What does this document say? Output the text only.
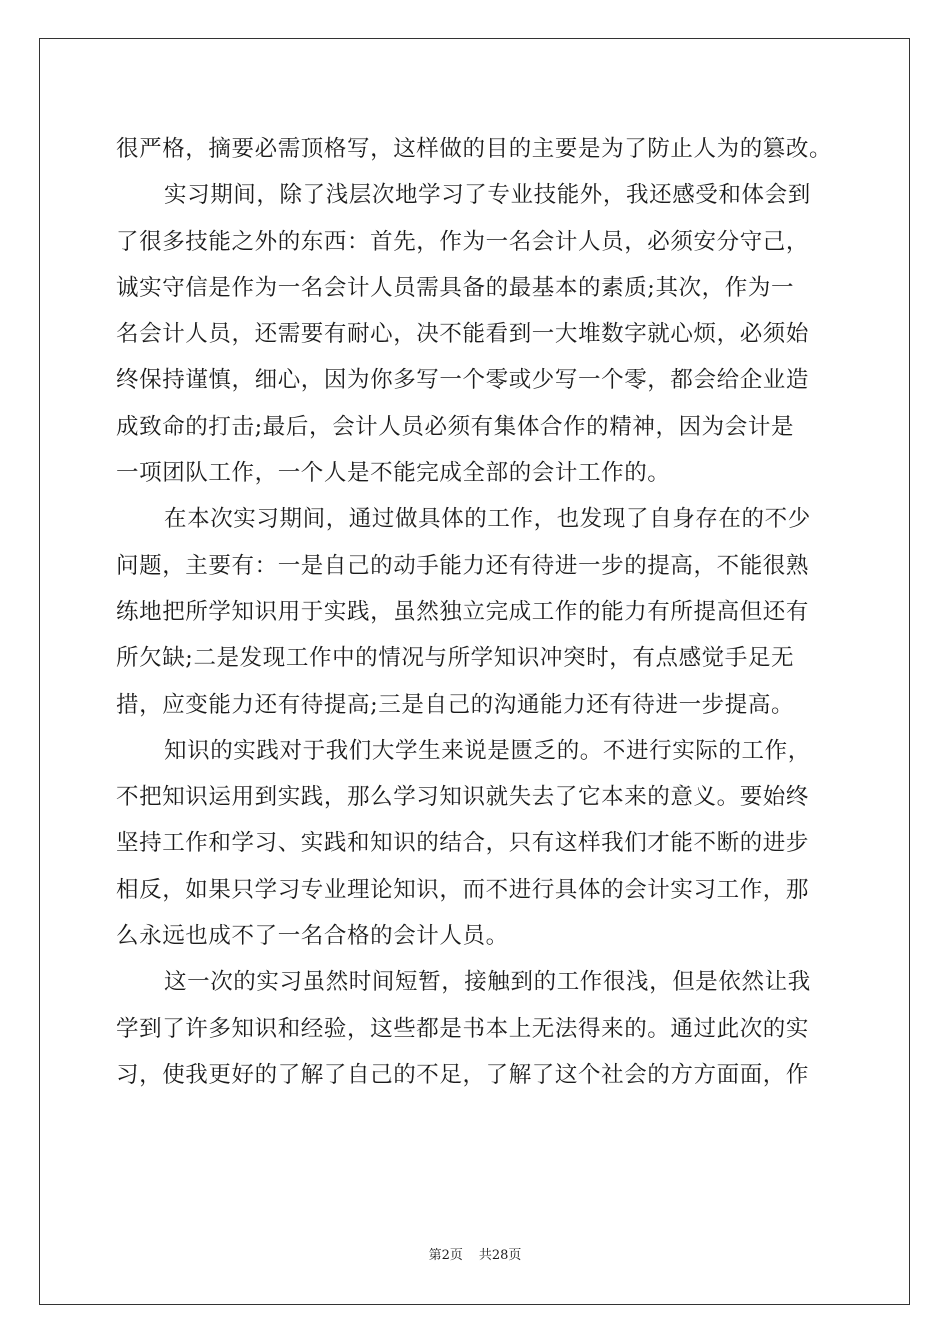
很严格，摘要必需顶格写，这样做的目的主要是为了防止人为的篡改。
实习期间，除了浅层次地学习了专业技能外，我还感受和体会到
了很多技能之外的东西：首先，作为一名会计人员，必须安分守己，
诚实守信是作为一名会计人员需具备的最基本的素质;其次，作为一
名会计人员，还需要有耐心，决不能看到一大堆数字就心烦，必须始
终保持谨慎，细心，因为你多写一个零或少写一个零，都会给企业造
成致命的打击;最后，会计人员必须有集体合作的精神，因为会计是
一项团队工作，一个人是不能完成全部的会计工作的。
在本次实习期间，通过做具体的工作，也发现了自身存在的不少
问题，主要有：一是自己的动手能力还有待进一步的提高，不能很熟
练地把所学知识用于实践，虽然独立完成工作的能力有所提高但还有
所欠缺;二是发现工作中的情况与所学知识冲突时，有点感觉手足无
措，应变能力还有待提高;三是自己的沟通能力还有待进一步提高。
知识的实践对于我们大学生来说是匮乏的。不进行实际的工作，
不把知识运用到实践，那么学习知识就失去了它本来的意义。要始终
坚持工作和学习、实践和知识的结合，只有这样我们才能不断的进步
相反，如果只学习专业理论知识，而不进行具体的会计实习工作，那
么永远也成不了一名合格的会计人员。
这一次的实习虽然时间短暂，接触到的工作很浅，但是依然让我
学到了许多知识和经验，这些都是书本上无法得来的。通过此次的实
习，使我更好的了解了自己的不足，了解了这个社会的方方面面，作
第2页 共28页
